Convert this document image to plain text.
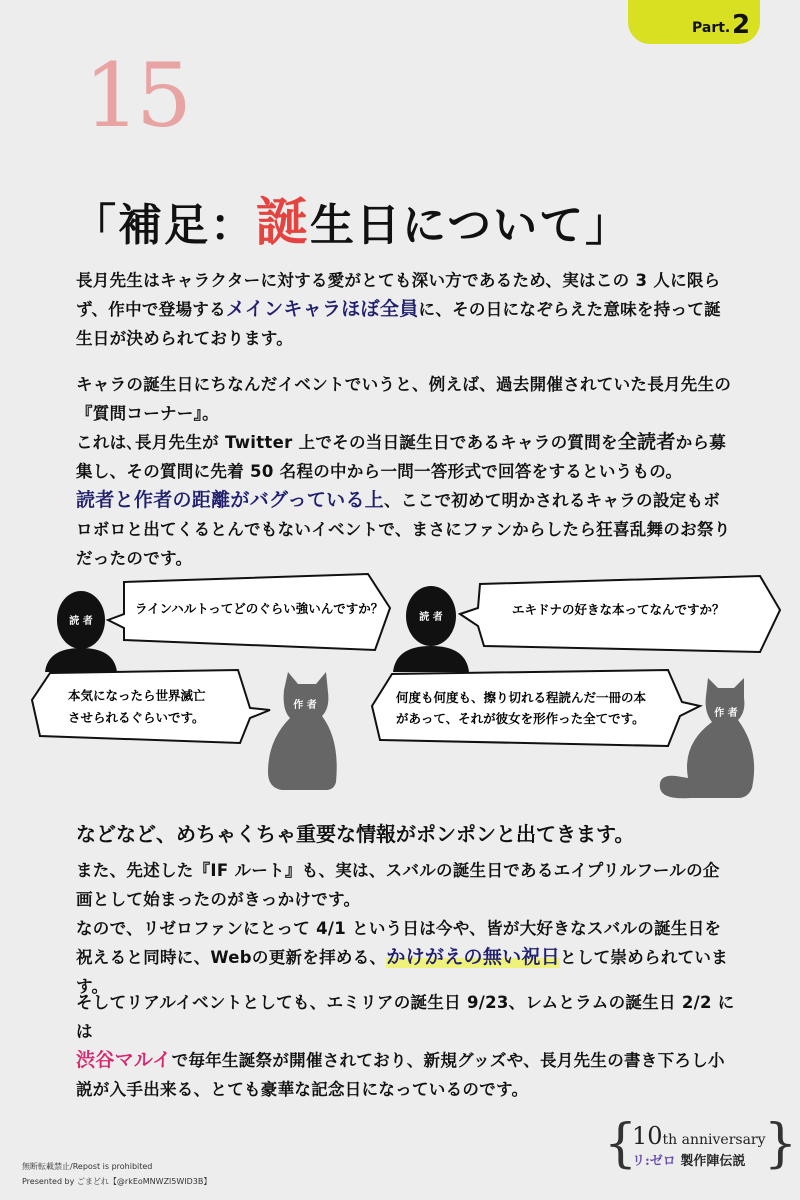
Part. 2
15
「補足：誕生日について」
長月先生はキャラクターに対する愛がとても深い方であるため、実はこの 3 人に限らず、作中で登場するメインキャラほぼ全員に、その日になぞらえた意味を持って誕生日が決められております。
キャラの誕生日にちなんだイベントでいうと、例えば、過去開催されていた長月先生の『質問コーナー』。
これは､長月先生が Twitter 上でその当日誕生日であるキャラの質問を全読者から募集し、その質問に先着 50 名程の中から一問一答形式で回答をするというもの。
読者と作者の距離がバグっている上、ここで初めて明かされるキャラの設定もボロボロと出てくるとんでもないイベントで、まさにファンからしたら狂喜乱舞のお祭りだったのです。
読 者
ラインハルトってどのぐらい強いんですか？
本気になったら世界滅亡
させられるぐらいです。
作 者
読 者
エキドナの好きな本ってなんですか？
何度も何度も、擦り切れる程読んだ一冊の本
があって、それが彼女を形作った全てです。	作 者
などなど、めちゃくちゃ重要な情報がポンポンと出てきます。
また、先述した『IF ルート』も、実は、スバルの誕生日であるエイプリルフールの企画として始まったのがきっかけです。
なので、リゼロファンにとって 4/1 という日は今や、皆が大好きなスバルの誕生日を祝えると同時に、Webの更新を拝める、かけがえの無い祝日として崇められています。
そしてリアルイベントとしても、エミリアの誕生日 9/23、レムとラムの誕生日 2/2 には
渋谷マルイで毎年生誕祭が開催されており、新規グッズや、長月先生の書き下ろし小説が入手出来る、とても豪華な記念日になっているのです。
無断転載禁止/Repost is prohibited
Presented by ごまどれ【@rkEoMNWZl5WID3B】
{
10th anniversary
リ:ゼロ 製作陣伝説 }
